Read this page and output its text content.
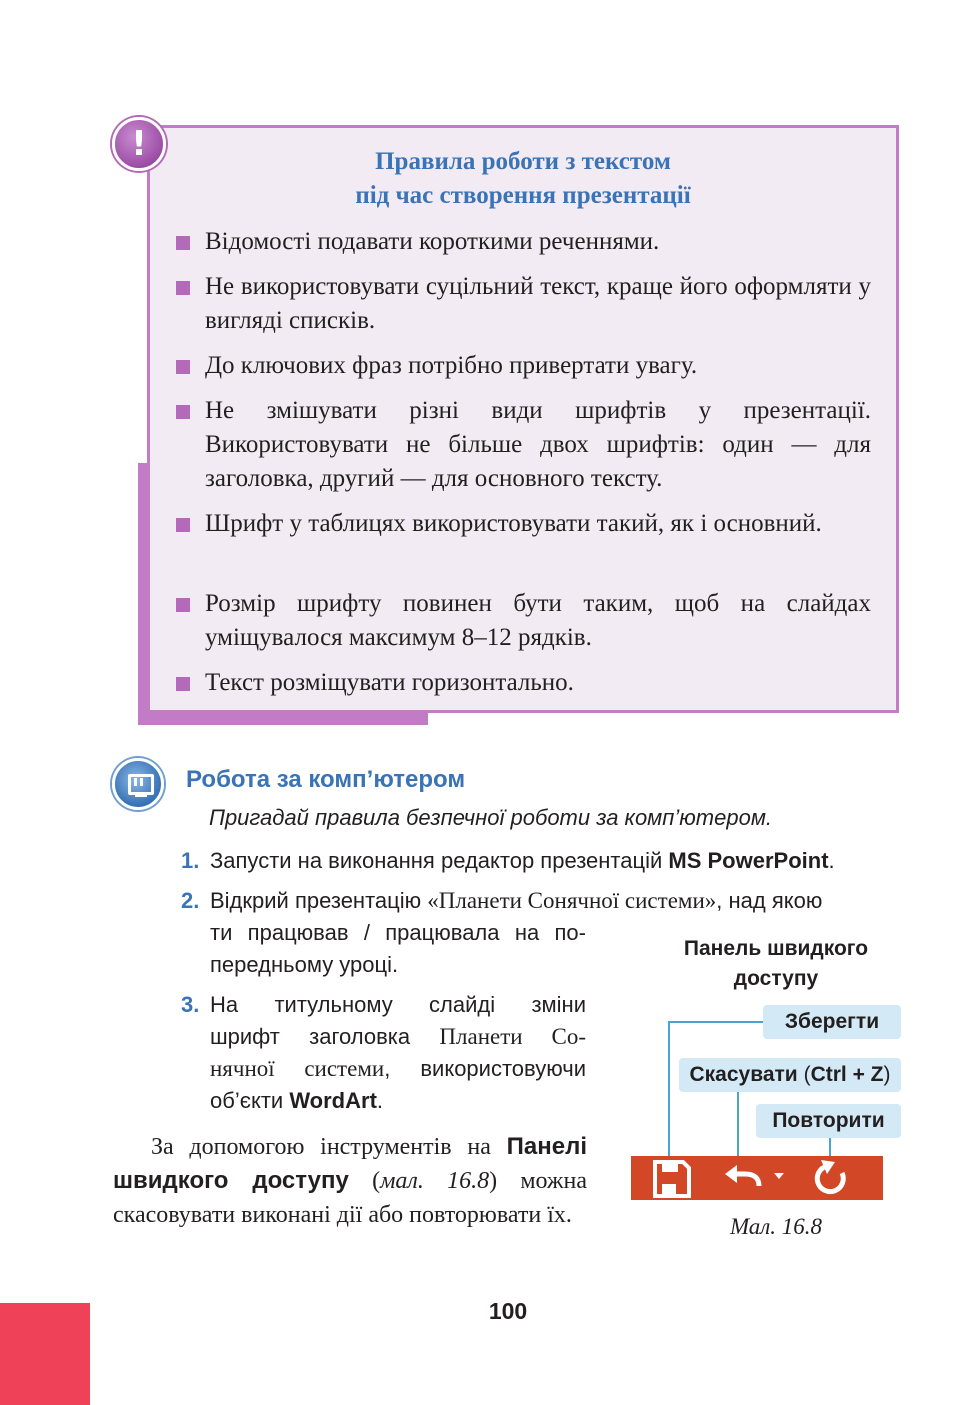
!	Правила роботи з текстом
під час створення презентації
Відомості подавати короткими реченнями.
Не використовувати суцільний текст, краще його оформляти у вигляді списків.
До ключових фраз потрібно привертати увагу.
Не змішувати різні види шрифтів у презентації. Використовувати не більше двох шрифтів: один — для заголовка, другий — для основного тексту.
Шрифт у таблицях використовувати такий, як і основний.
Розмір шрифту повинен бути таким, щоб на слайдах уміщувалося максимум 8–12 рядків.
Текст розміщувати горизонтально.
Робота за комп’ютером
Пригадай правила безпечної роботи за комп’ютером.
1. Запусти на виконання редактор презентацій MS PowerPoint.
2. Відкрий презентацію «Планети Сонячної системи», над якою
ти працював / працювала на по-
передньому уроці.
3. На титульному слайді зміни
шрифт заголовка Планети Со-
нячної системи, використовуючи
об’єкти WordArt.
За допомогою інструментів на Панелі швидкого доступу (мал. 16.8) можна скасовувати виконані дії або повторювати їх.
Панель швидкого
доступу
Зберегти
Скасувати (Ctrl + Z)
Повторити
Мал. 16.8
100
